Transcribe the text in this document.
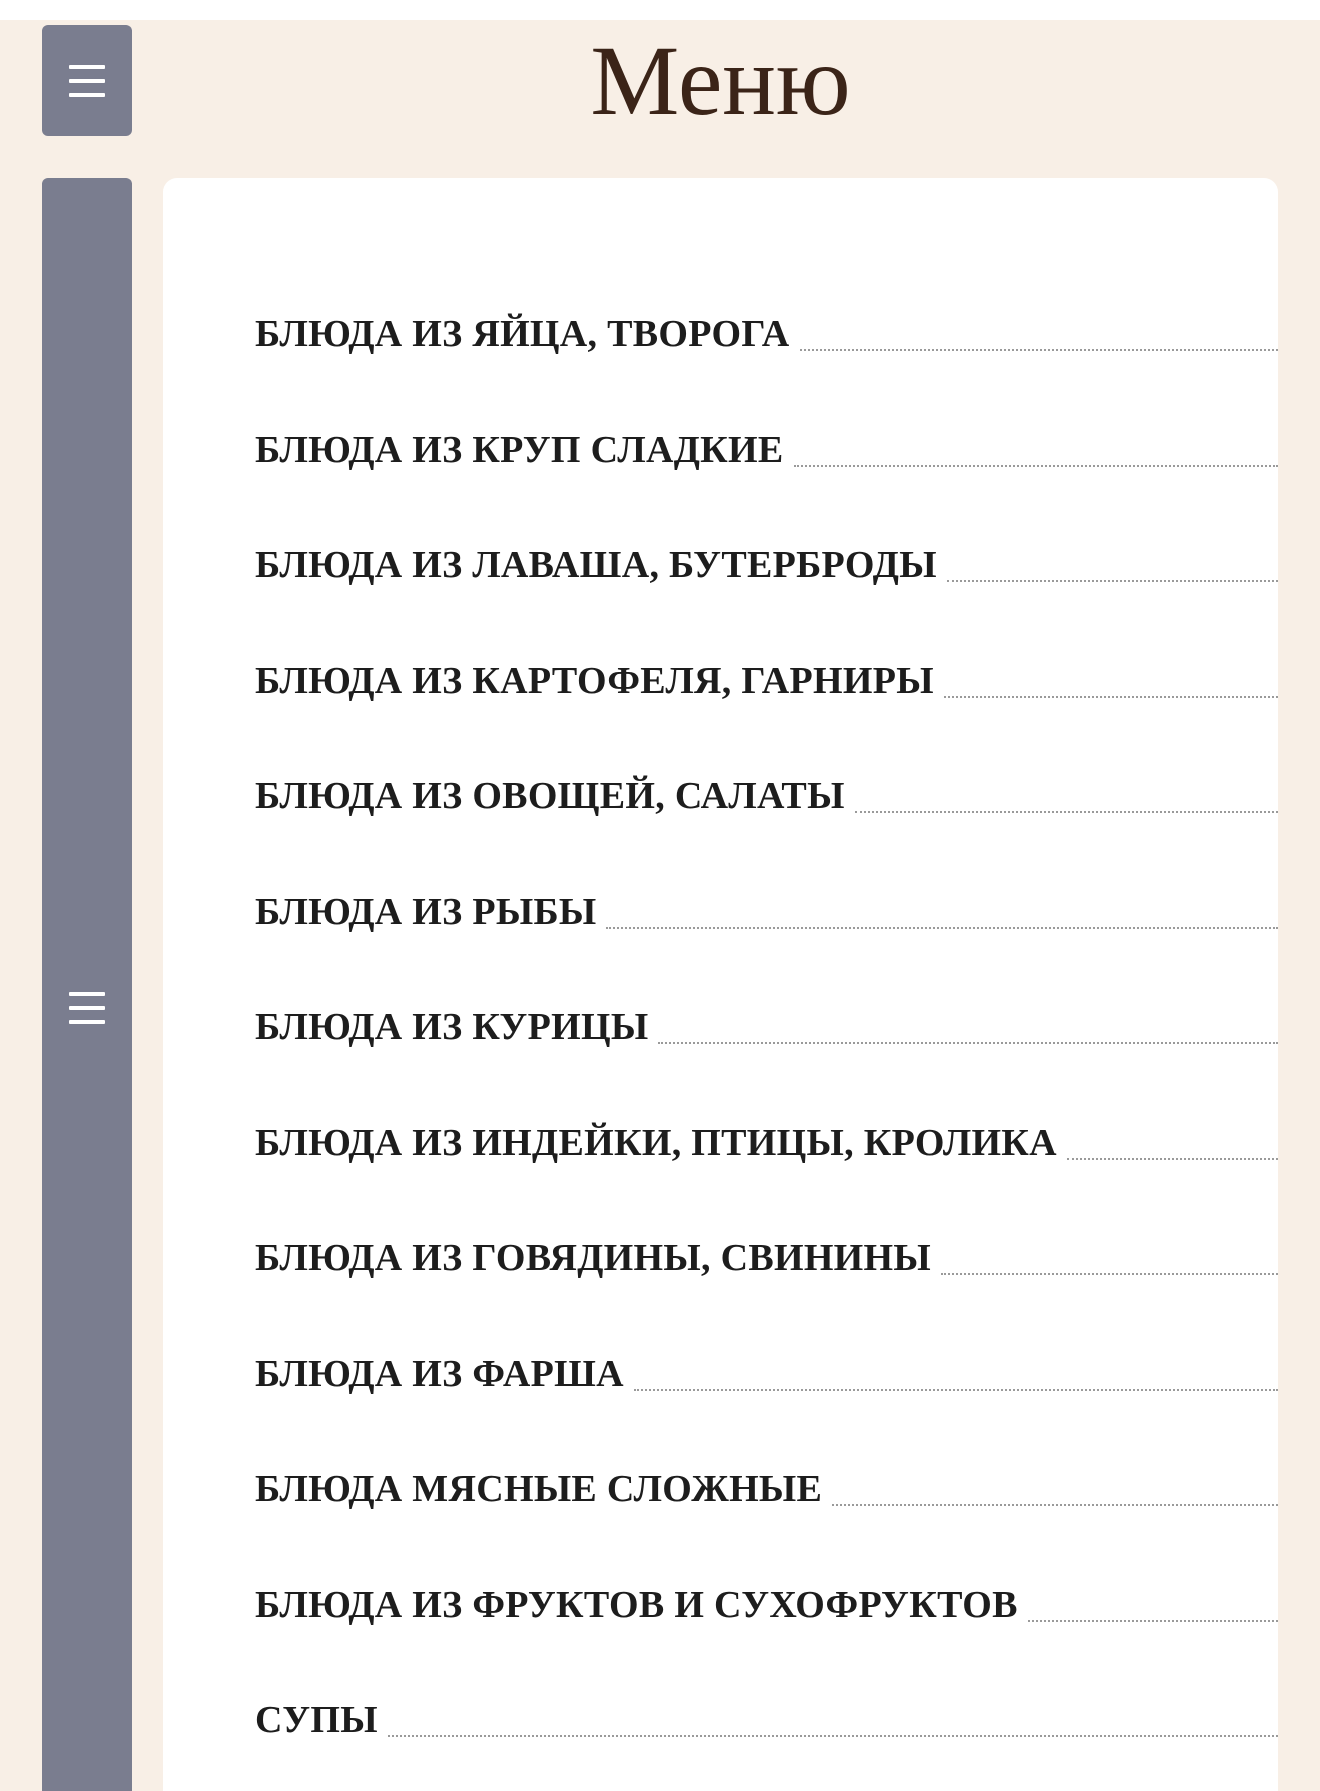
Меню
БЛЮДА ИЗ ЯЙЦА, ТВОРОГА
БЛЮДА ИЗ КРУП СЛАДКИЕ
БЛЮДА ИЗ ЛАВАША, БУТЕРБРОДЫ
БЛЮДА ИЗ КАРТОФЕЛЯ, ГАРНИРЫ
БЛЮДА ИЗ ОВОЩЕЙ, САЛАТЫ
БЛЮДА ИЗ РЫБЫ
БЛЮДА ИЗ КУРИЦЫ
БЛЮДА ИЗ ИНДЕЙКИ, ПТИЦЫ, КРОЛИКА
БЛЮДА ИЗ ГОВЯДИНЫ, СВИНИНЫ
БЛЮДА ИЗ ФАРША
БЛЮДА МЯСНЫЕ СЛОЖНЫЕ
БЛЮДА ИЗ ФРУКТОВ И СУХОФРУКТОВ
СУПЫ
